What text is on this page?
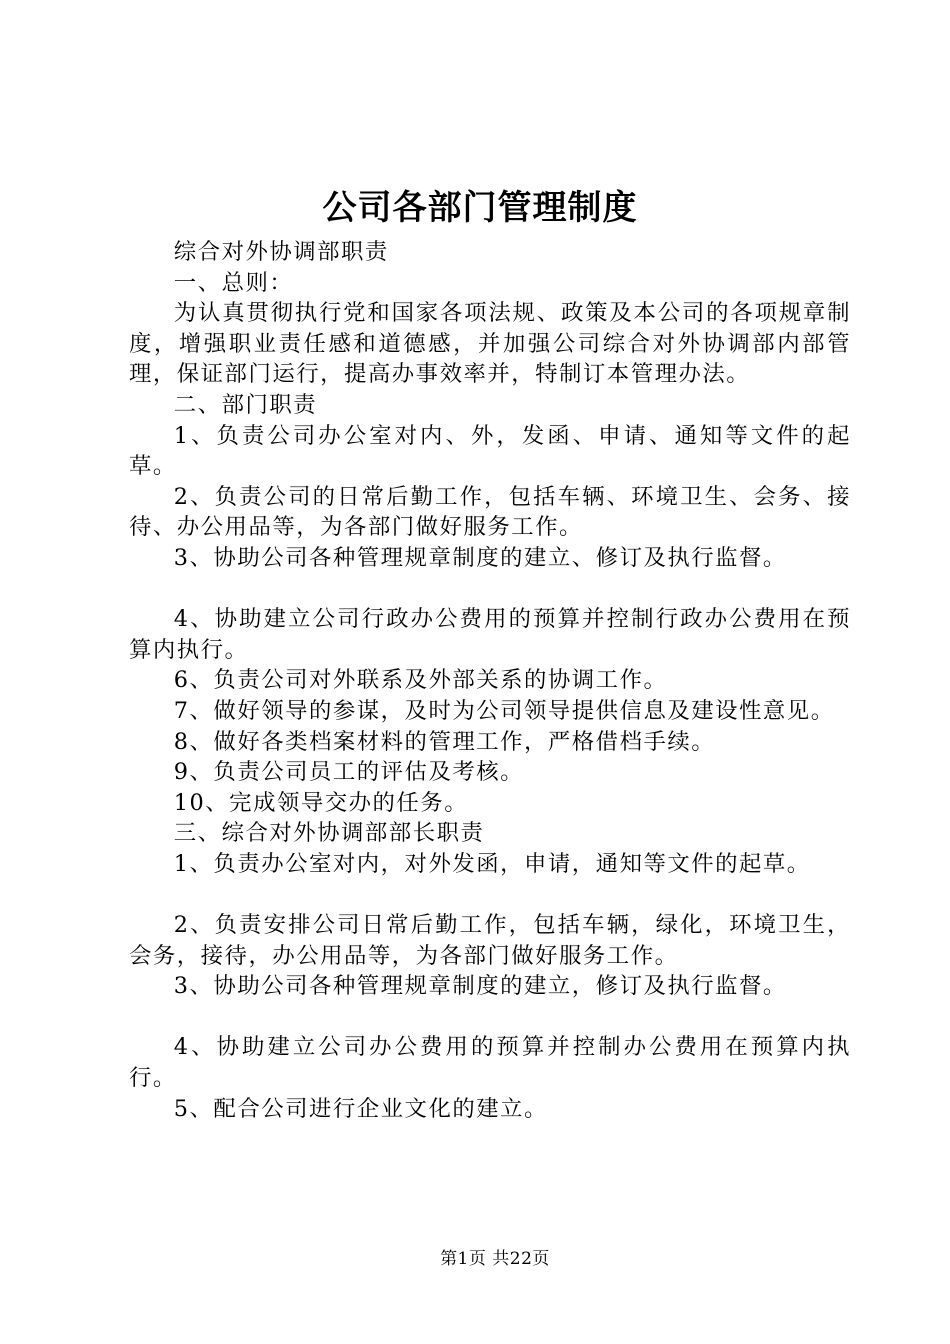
公司各部门管理制度

综合对外协调部职责

一、总则：

为认真贯彻执行党和国家各项法规、政策及本公司的各项规章制度，增强职业责任感和道德感，并加强公司综合对外协调部内部管理，保证部门运行，提高办事效率并，特制订本管理办法。

二、部门职责

1、负责公司办公室对内、外，发函、申请、通知等文件的起草。

2、负责公司的日常后勤工作，包括车辆、环境卫生、会务、接待、办公用品等，为各部门做好服务工作。

3、协助公司各种管理规章制度的建立、修订及执行监督。

4、协助建立公司行政办公费用的预算并控制行政办公费用在预算内执行。

6、负责公司对外联系及外部关系的协调工作。

7、做好领导的参谋，及时为公司领导提供信息及建设性意见。

8、做好各类档案材料的管理工作，严格借档手续。

9、负责公司员工的评估及考核。

10、完成领导交办的任务。

三、综合对外协调部部长职责

1、负责办公室对内，对外发函，申请，通知等文件的起草。

2、负责安排公司日常后勤工作，包括车辆，绿化，环境卫生，会务，接待，办公用品等，为各部门做好服务工作。

3、协助公司各种管理规章制度的建立，修订及执行监督。

4、协助建立公司办公费用的预算并控制办公费用在预算内执行。

5、配合公司进行企业文化的建立。

第1页 共22页
